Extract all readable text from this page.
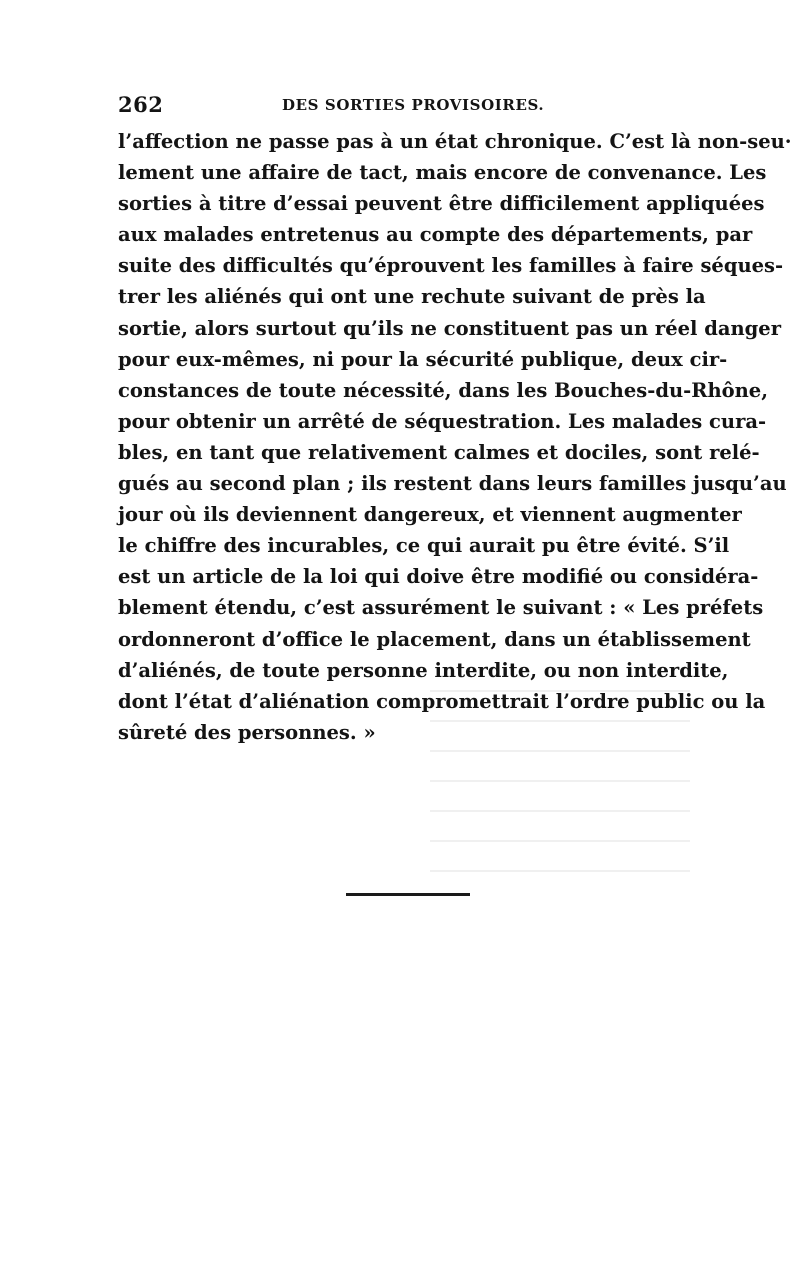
262	DES SORTIES PROVISOIRES.
l’affection ne passe pas à un état chronique. C’est là non-seu·
lement une affaire de tact, mais encore de convenance. Les
sorties à titre d’essai peuvent être difficilement appliquées
aux malades entretenus au compte des départements, par
suite des difficultés qu’éprouvent les familles à faire séques-
trer les aliénés qui ont une rechute suivant de près la
sortie, alors surtout qu’ils ne constituent pas un réel danger
pour eux-mêmes, ni pour la sécurité publique, deux cir-
constances de toute nécessité, dans les Bouches-du-Rhône,
pour obtenir un arrêté de séquestration. Les malades cura-
bles, en tant que relativement calmes et dociles, sont relé-
gués au second plan ; ils restent dans leurs familles jusqu’au
jour où ils deviennent dangereux, et viennent augmenter
le chiffre des incurables, ce qui aurait pu être évité. S’il
est un article de la loi qui doive être modifié ou considéra-
blement étendu, c’est assurément le suivant : « Les préfets
ordonneront d’office le placement, dans un établissement
d’aliénés, de toute personne interdite, ou non interdite,
dont l’état d’aliénation compromettrait l’ordre public ou la
sûreté des personnes. »
